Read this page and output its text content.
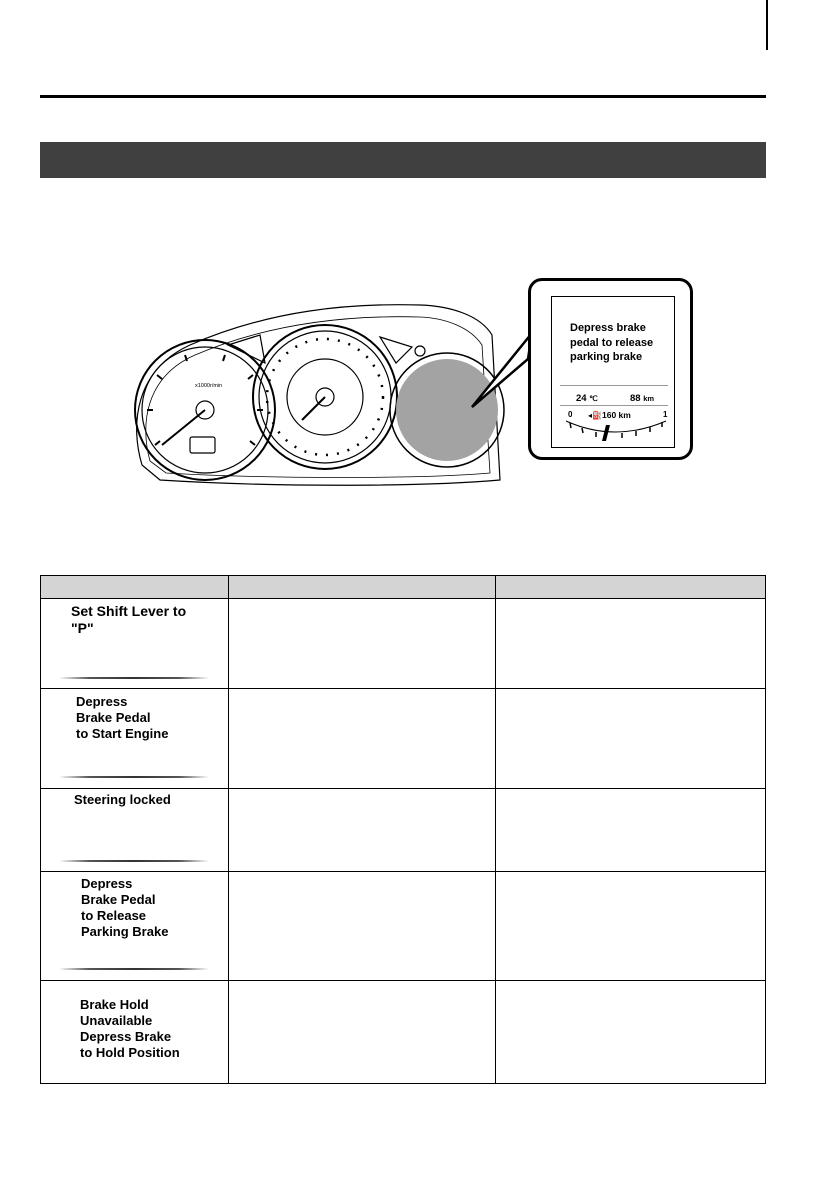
x1000r/min
Depress brake
pedal to release
parking brake
24 ℃	88 km
0	1
◂⛽ 160 km

Set Shift Lever to
"P"		

Depress
Brake Pedal
to Start Engine		

Steering locked		

Depress
Brake Pedal
to Release
Parking Brake		

Brake Hold
Unavailable
Depress Brake
to Hold Position		
